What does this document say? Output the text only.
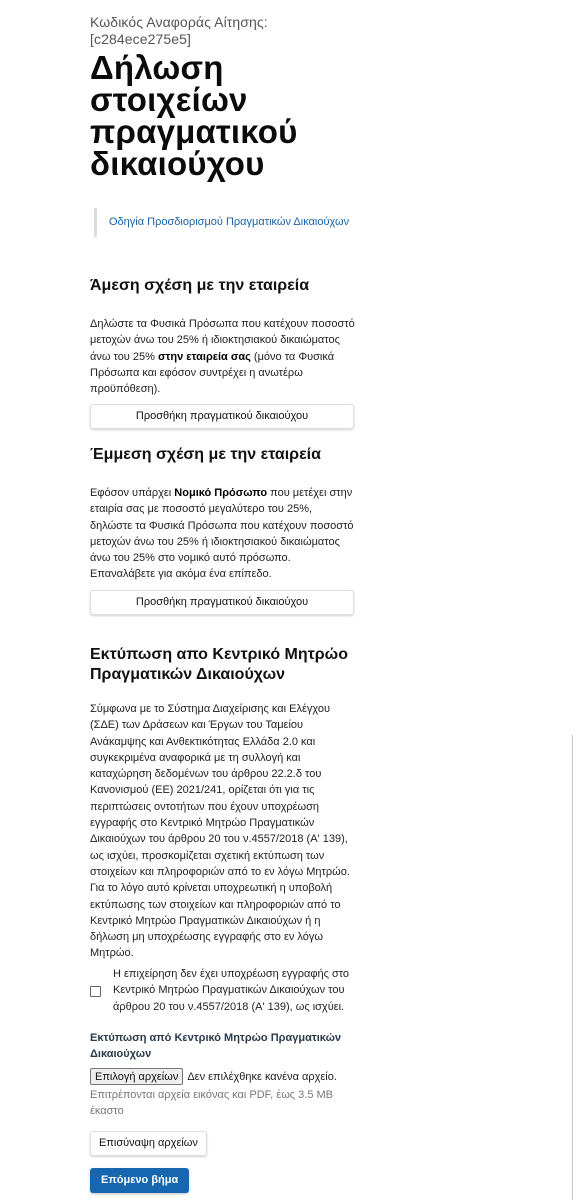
Κωδικός Αναφοράς Αίτησης:
[c284ece275e5]
Δήλωση στοιχείων πραγματικού δικαιούχου
Οδηγία Προσδιορισμού Πραγματικών Δικαιούχων
Άμεση σχέση με την εταιρεία
Δηλώστε τα Φυσικά Πρόσωπα που κατέχουν ποσοστό μετοχών άνω του 25% ή ιδιοκτησιακού δικαιώματος άνω του 25% στην εταιρεία σας (μόνο τα Φυσικά Πρόσωπα και εφόσον συντρέχει η ανωτέρω προϋπόθεση).
Προσθήκη πραγματικού δικαιούχου
Έμμεση σχέση με την εταιρεία
Εφόσον υπάρχει Νομικό Πρόσωπο που μετέχει στην εταιρία σας με ποσοστό μεγαλύτερο του 25%, δηλώστε τα Φυσικά Πρόσωπα που κατέχουν ποσοστό μετοχών άνω του 25% ή ιδιοκτησιακού δικαιώματος άνω του 25% στο νομικό αυτό πρόσωπο. Επαναλάβετε για ακόμα ένα επίπεδο.
Προσθήκη πραγματικού δικαιούχου
Εκτύπωση απο Κεντρικό Μητρώο Πραγματικών Δικαιούχων
Σύμφωνα με το Σύστημα Διαχείρισης και Ελέγχου (ΣΔΕ) των Δράσεων και Έργων του Ταμείου Ανάκαμψης και Ανθεκτικότητας Ελλάδα 2.0 και συγκεκριμένα αναφορικά με τη συλλογή και καταχώρηση δεδομένων του άρθρου 22.2.δ του Κανονισμού (ΕΕ) 2021/241, ορίζεται ότι για τις περιπτώσεις οντοτήτων που έχουν υποχρέωση εγγραφής στο Κεντρικό Μητρώο Πραγματικών Δικαιούχων του άρθρου 20 του ν.4557/2018 (Α' 139), ως ισχύει, προσκομίζεται σχετική εκτύπωση των στοιχείων και πληροφοριών από το εν λόγω Μητρώο. Για το λόγο αυτό κρίνεται υποχρεωτική η υποβολή εκτύπωσης των στοιχείων και πληροφοριών από το Κεντρικό Μητρώο Πραγματικών Δικαιούχων ή η δήλωση μη υποχρέωσης εγγραφής στο εν λόγω Μητρώο.
Η επιχείρηση δεν έχει υποχρέωση εγγραφής στο Κεντρικό Μητρώο Πραγματικών Δικαιούχων του άρθρου 20 του ν.4557/2018 (Α' 139), ως ισχύει.
Εκτύπωση από Κεντρικό Μητρώο Πραγματικών Δικαιούχων
Επιλογή αρχείων Δεν επιλέχθηκε κανένα αρχείο.
Επιτρέπονται αρχεία εικόνας και PDF, έως 3.5 MB έκαστο
Επισύναψη αρχείων
Επόμενο βήμα
